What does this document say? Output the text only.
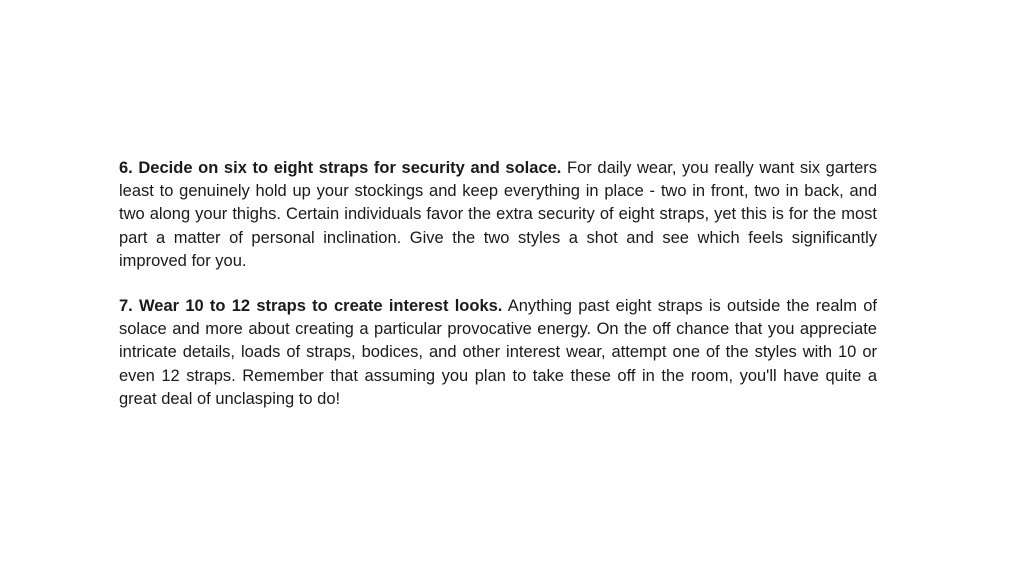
6. Decide on six to eight straps for security and solace. For daily wear, you really want six garters least to genuinely hold up your stockings and keep everything in place - two in front, two in back, and two along your thighs. Certain individuals favor the extra security of eight straps, yet this is for the most part a matter of personal inclination. Give the two styles a shot and see which feels significantly improved for you.

7. Wear 10 to 12 straps to create interest looks. Anything past eight straps is outside the realm of solace and more about creating a particular provocative energy. On the off chance that you appreciate intricate details, loads of straps, bodices, and other interest wear, attempt one of the styles with 10 or even 12 straps. Remember that assuming you plan to take these off in the room, you'll have quite a great deal of unclasping to do!
